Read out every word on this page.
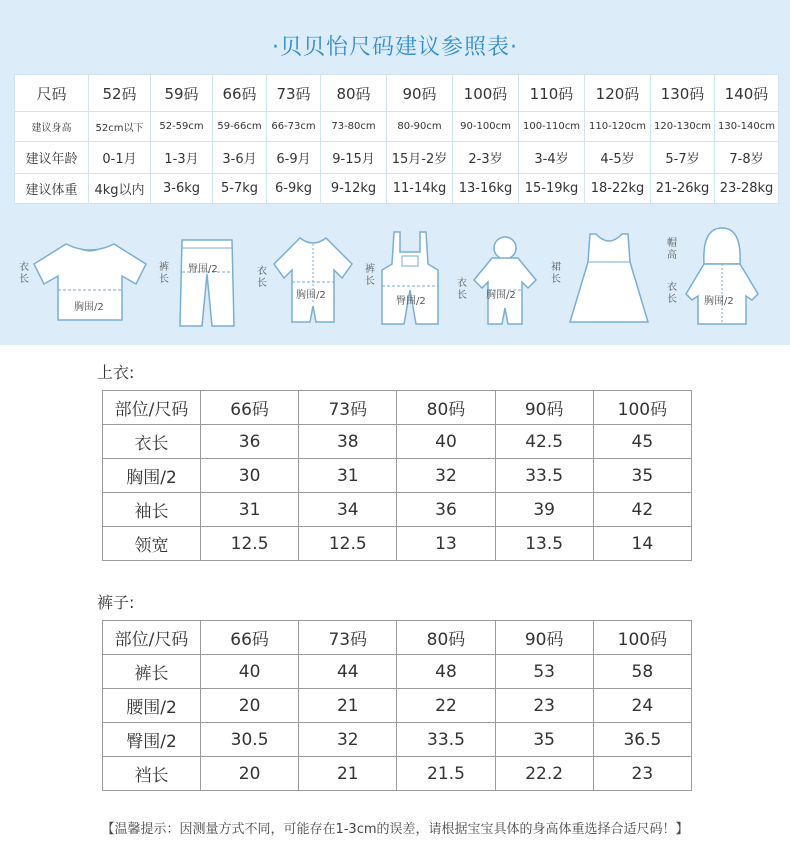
·贝贝怡尺码建议参照表·
尺码	52码	59码	66码	73码	80码	90码	100码	110码	120码	130码	140码
建议身高	52cm以下	52-59cm	59-66cm	66-73cm	73-80cm	80-90cm	90-100cm	100-110cm	110-120cm	120-130cm	130-140cm
建议年龄	0-1月	1-3月	3-6月	6-9月	9-15月	15月-2岁	2-3岁	3-4岁	4-5岁	5-7岁	7-8岁
建议体重	4kg以内	3-6kg	5-7kg	6-9kg	9-12kg	11-14kg	13-16kg	15-19kg	18-22kg	21-26kg	23-28kg
衣长
胸围/2
裤长
臀围/2	衣长
胸围/2
裤长
臀围/2
衣长 胸围/2
裙长
帽高
衣长	胸围/2
上衣:
部位/尺码	66码	73码	80码	90码	100码
衣长	36	38	40	42.5	45
胸围/2	30	31	32	33.5	35
袖长	31	34	36	39	42
领宽	12.5	12.5	13	13.5	14
裤子:
部位/尺码	66码	73码	80码	90码	100码
裤长	40	44	48	53	58
腰围/2	20	21	22	23	24
臀围/2	30.5	32	33.5	35	36.5
裆长	20	21	21.5	22.2	23
【温馨提示：因测量方式不同，可能存在1-3cm的误差，请根据宝宝具体的身高体重选择合适尺码！】
